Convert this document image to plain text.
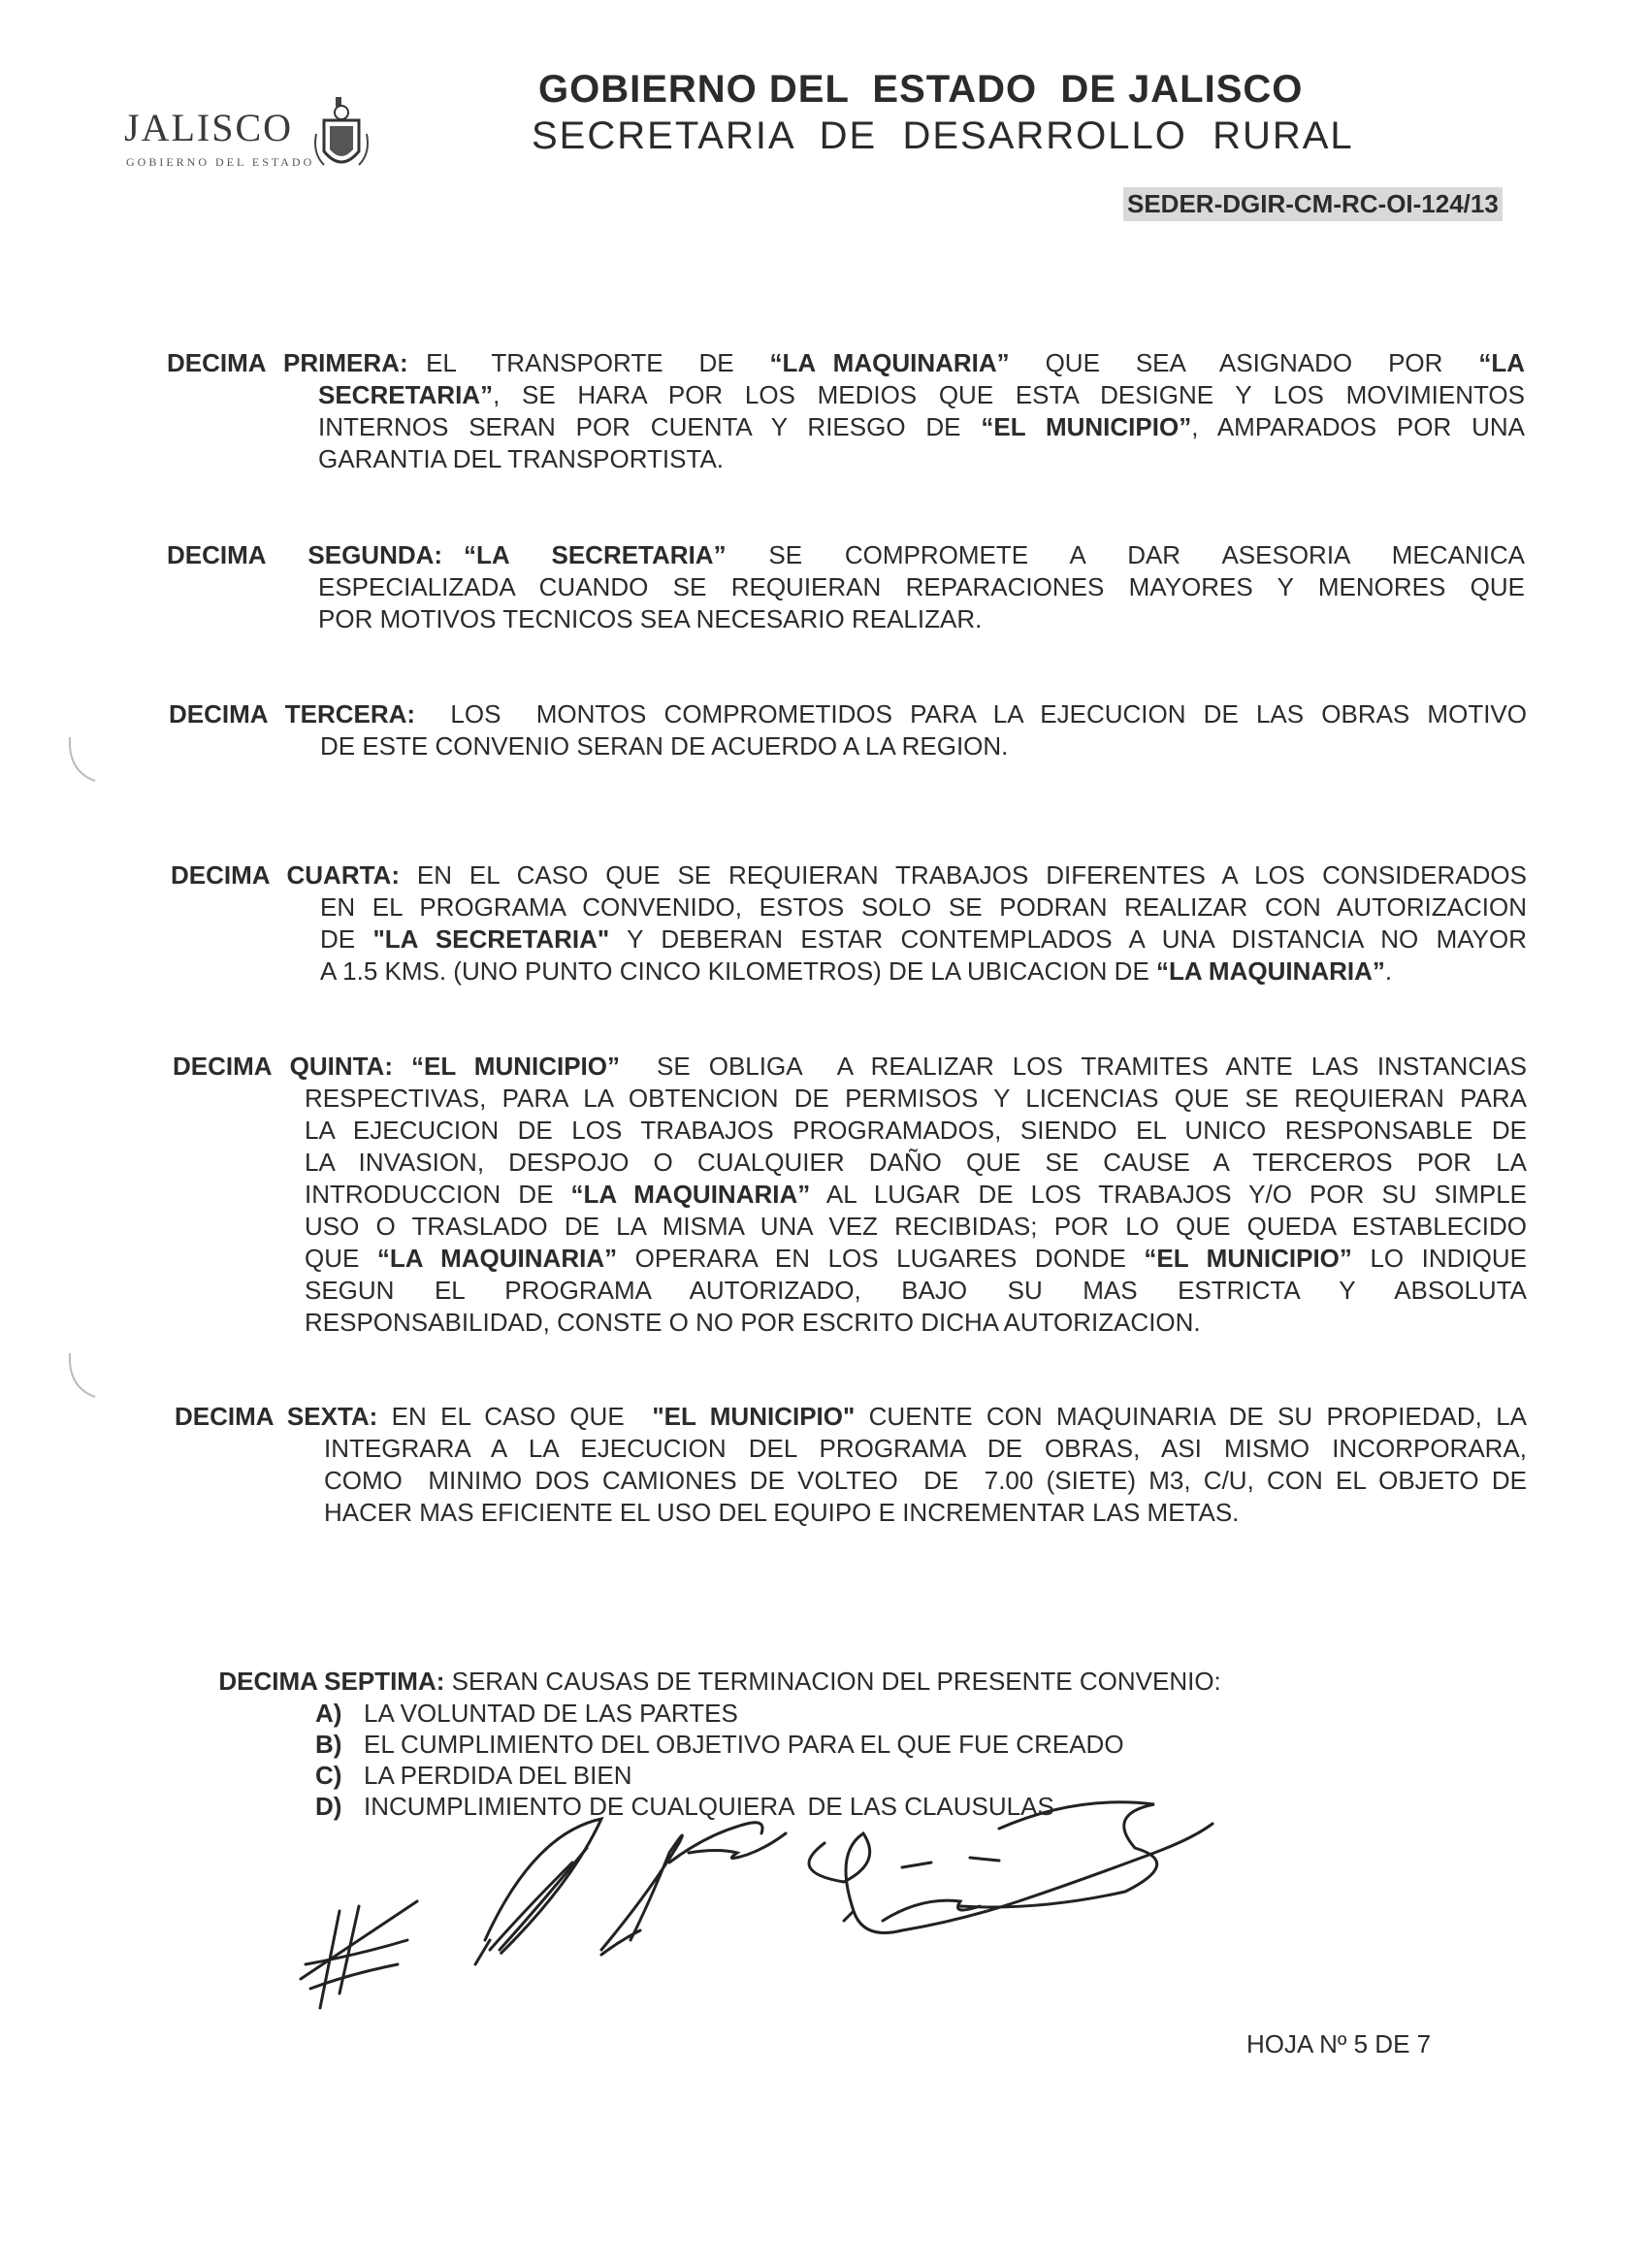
JALISCO
GOBIERNO DEL ESTADO
GOBIERNO DEL  ESTADO  DE JALISCO
SECRETARIA  DE  DESARROLLO  RURAL
SEDER-DGIR-CM-RC-OI-124/13
DECIMA PRIMERA: EL  TRANSPORTE  DE  “LA MAQUINARIA”  QUE  SEA  ASIGNADO  POR  “LA
SECRETARIA”, SE HARA POR LOS MEDIOS QUE ESTA DESIGNE Y LOS MOVIMIENTOS
INTERNOS SERAN POR CUENTA Y RIESGO DE “EL MUNICIPIO”, AMPARADOS POR UNA
GARANTIA DEL TRANSPORTISTA.
DECIMA  SEGUNDA: “LA  SECRETARIA”  SE  COMPROMETE  A  DAR  ASESORIA  MECANICA
ESPECIALIZADA CUANDO SE REQUIERAN REPARACIONES MAYORES Y MENORES QUE
POR MOTIVOS TECNICOS SEA NECESARIO REALIZAR.
DECIMA TERCERA:  LOS  MONTOS COMPROMETIDOS PARA LA EJECUCION DE LAS OBRAS MOTIVO
DE ESTE CONVENIO SERAN DE ACUERDO A LA REGION.
DECIMA CUARTA: EN EL CASO QUE SE REQUIERAN TRABAJOS DIFERENTES A LOS CONSIDERADOS
EN EL PROGRAMA CONVENIDO, ESTOS SOLO SE PODRAN REALIZAR CON AUTORIZACION
DE "LA SECRETARIA" Y DEBERAN ESTAR CONTEMPLADOS A UNA DISTANCIA NO MAYOR
A 1.5 KMS. (UNO PUNTO CINCO KILOMETROS) DE LA UBICACION DE “LA MAQUINARIA”.
DECIMA QUINTA: “EL MUNICIPIO”  SE OBLIGA  A REALIZAR LOS TRAMITES ANTE LAS INSTANCIAS
RESPECTIVAS, PARA LA OBTENCION DE PERMISOS Y LICENCIAS QUE SE REQUIERAN PARA
LA EJECUCION DE LOS TRABAJOS PROGRAMADOS, SIENDO EL UNICO RESPONSABLE DE
LA  INVASION,  DESPOJO  O  CUALQUIER  DAÑO  QUE  SE  CAUSE  A  TERCEROS  POR  LA
INTRODUCCION DE “LA MAQUINARIA” AL LUGAR DE LOS TRABAJOS Y/O POR SU SIMPLE
USO O TRASLADO DE LA MISMA UNA VEZ RECIBIDAS; POR LO QUE QUEDA ESTABLECIDO
QUE “LA MAQUINARIA” OPERARA EN LOS LUGARES DONDE “EL MUNICIPIO” LO INDIQUE
SEGUN   EL   PROGRAMA   AUTORIZADO,   BAJO   SU   MAS   ESTRICTA   Y   ABSOLUTA
RESPONSABILIDAD, CONSTE O NO POR ESCRITO DICHA AUTORIZACION.
DECIMA SEXTA: EN EL CASO QUE  "EL MUNICIPIO" CUENTE CON MAQUINARIA DE SU PROPIEDAD, LA
INTEGRARA A LA EJECUCION DEL PROGRAMA DE OBRAS, ASI MISMO INCORPORARA,
COMO  MINIMO DOS CAMIONES DE VOLTEO  DE  7.00 (SIETE) M3, C/U, CON EL OBJETO DE
HACER MAS EFICIENTE EL USO DEL EQUIPO E INCREMENTAR LAS METAS.

DECIMA SEPTIMA: SERAN CAUSAS DE TERMINACION DEL PRESENTE CONVENIO:

A) LA VOLUNTAD DE LAS PARTES
B) EL CUMPLIMIENTO DEL OBJETIVO PARA EL QUE FUE CREADO
C) LA PERDIDA DEL BIEN
D) INCUMPLIMIENTO DE CUALQUIERA  DE LAS CLAUSULAS
HOJA Nº 5 DE 7
